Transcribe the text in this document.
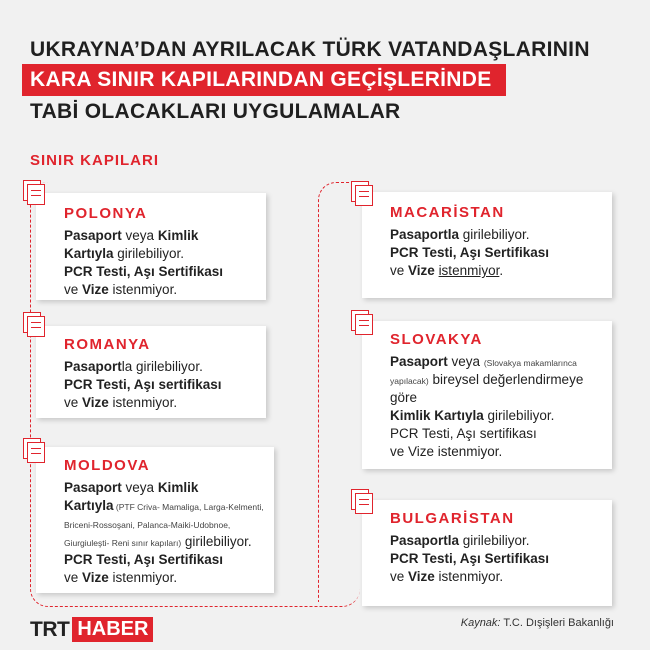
UKRAYNA’DAN AYRILACAK TÜRK VATANDAŞLARININ
KARA SINIR KAPILARINDAN GEÇİŞLERİNDE
TABİ OLACAKLARI UYGULAMALAR
SINIR KAPILARI
POLONYA
Pasaport veya Kimlik
Kartıyla girilebiliyor.
PCR Testi, Aşı Sertifikası
ve Vize istenmiyor.
ROMANYA
Pasaportla girilebiliyor.
PCR Testi, Aşı sertifikası
ve Vize istenmiyor.
MOLDOVA
Pasaport veya Kimlik
Kartıyla (PTF Criva- Mamaliga, Larga-Kelmenti, Briceni-Rossoşani, Palanca-Maiki-Udobnoe, Giurgiuleşti- Reni sınır kapıları) girilebiliyor.
PCR Testi, Aşı Sertifikası
ve Vize istenmiyor.
MACARİSTAN
Pasaportla girilebiliyor.
PCR Testi, Aşı Sertifikası
ve Vize istenmiyor.
SLOVAKYA
Pasaport veya (Slovakya makamlarınca yapılacak) bireysel değerlendirmeye göre
Kimlik Kartıyla girilebiliyor.
PCR Testi, Aşı sertifikası
ve Vize istenmiyor.
BULGARİSTAN
Pasaportla girilebiliyor.
PCR Testi, Aşı Sertifikası
ve Vize istenmiyor.
TRT HABER	Kaynak: T.C. Dışişleri Bakanlığı
